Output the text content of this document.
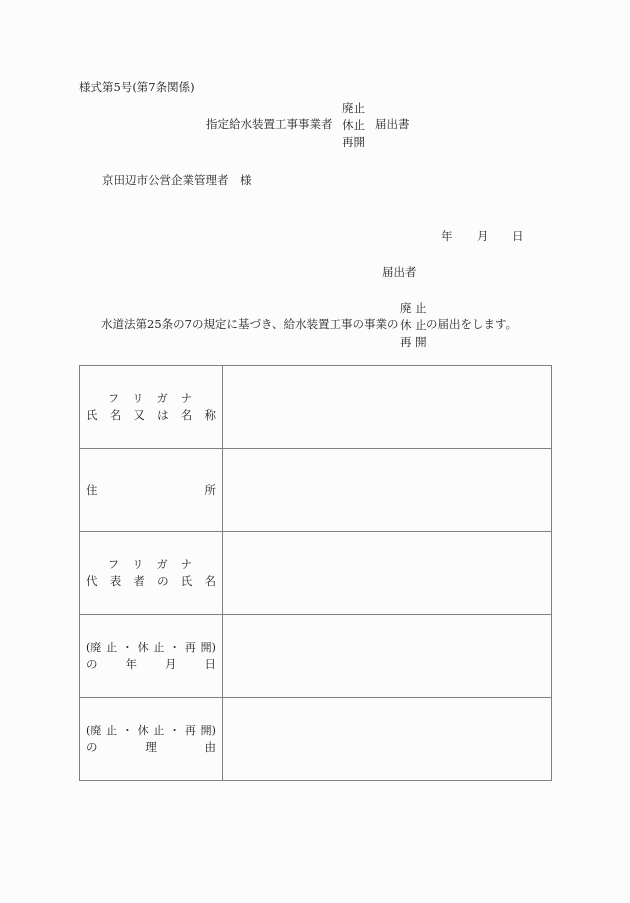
様式第5号(第7条関係)
指定給水装置工事事業者
廃止
休止
再開
届出書
京田辺市公営企業管理者　様
年 月 日
届出者
水道法第25条の7の規定に基づき、給水装置工事の事業の
廃 止
休 止
再 開
の届出をします。
フ リ ガ ナ
氏 名 又 は 名 称

住 所	

フ リ ガ ナ
代 表 者 の 氏 名

(廃 止 ・ 休 止 ・ 再 開)
の 年 月 日

(廃 止 ・ 休 止 ・ 再 開)
の	理	由
